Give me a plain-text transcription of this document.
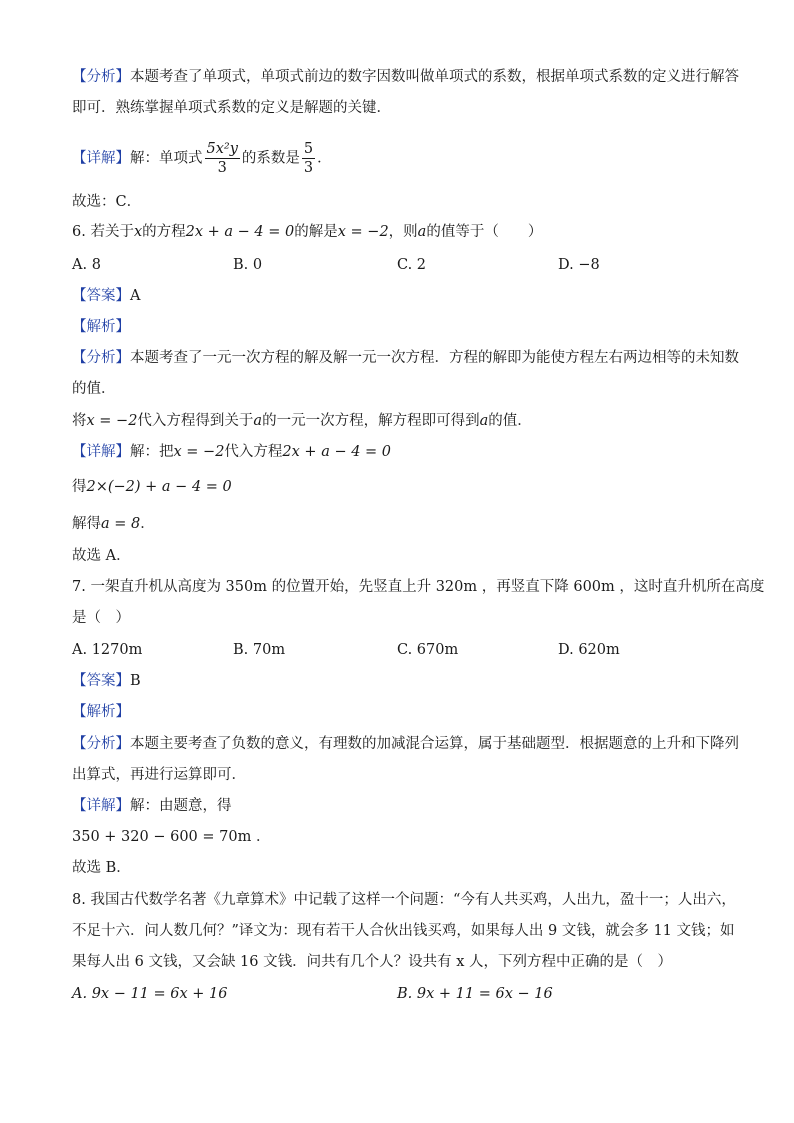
【分析】本题考查了单项式，单项式前边的数字因数叫做单项式的系数，根据单项式系数的定义进行解答
即可．熟练掌握单项式系数的定义是解题的关键．
【详解】解：单项式 $\frac{\text{5x²y}}{3}$ 的系数是 $\frac{5}{3}$ ．
故选：C．
6. 若关于x的方程2x + a − 4 = 0的解是x = −2，则a的值等于（　　）
A. 8	B. 0	C. 2	D. −8
【答案】A
【解析】
【分析】本题考查了一元一次方程的解及解一元一次方程．方程的解即为能使方程左右两边相等的未知数
的值．
将x = −2代入方程得到关于a的一元一次方程，解方程即可得到a的值．
【详解】解：把x = −2代入方程2x + a − 4 = 0
得2×(−2) + a − 4 = 0
解得a = 8．
故选 A．
7. 一架直升机从高度为 350m 的位置开始，先竖直上升 320m ，再竖直下降 600m ，这时直升机所在高度
是（　）
A. 1270m	B. 70m	C. 670m	D. 620m
【答案】B
【解析】
【分析】本题主要考查了负数的意义，有理数的加减混合运算，属于基础题型．根据题意的上升和下降列
出算式，再进行运算即可．
【详解】解：由题意，得
350 + 320 − 600 = 70m ．
故选 B．
8. 我国古代数学名著《九章算术》中记载了这样一个问题：“今有人共买鸡，人出九，盈十一；人出六，
不足十六．问人数几何？”译文为：现有若干人合伙出钱买鸡，如果每人出 9 文钱，就会多 11 文钱；如
果每人出 6 文钱，又会缺 16 文钱．问共有几个人？设共有 x 人，下列方程中正确的是（　）
A. 9x − 11 = 6x + 16	B. 9x + 11 = 6x − 16
